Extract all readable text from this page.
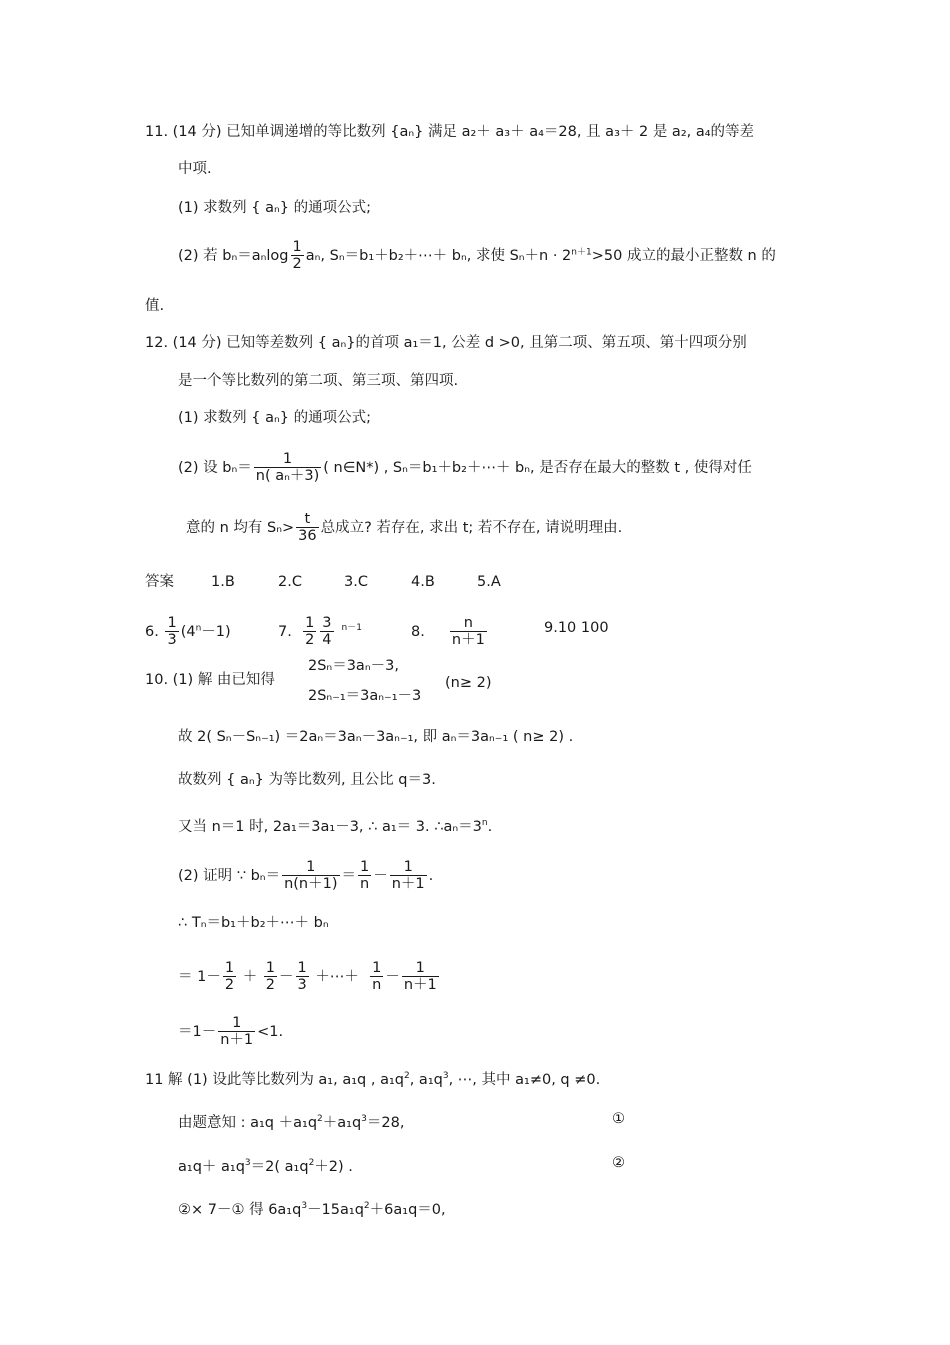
11. (14 分) 已知单调递增的等比数列 {aₙ} 满足 a₂＋ a₃＋ a₄＝28, 且 a₃＋ 2 是 a₂, a₄的等差
中项.
(1) 求数列 { aₙ} 的通项公式;
(2) 若 $b_n=a_n\log \frac{1}{2} a_n$, Sₙ＝b₁＋b₂＋⋯＋ bₙ, 求使 $S_n+n \cdot 2^{n+1}>50$ 成立的最小正整数 n 的
值.
12. (14 分) 已知等差数列 { aₙ}的首项 a₁＝1, 公差 d >0, 且第二项、第五项、第十四项分别
是一个等比数列的第二项、第三项、第四项.
(1) 求数列 { aₙ} 的通项公式;
(2) 设 $b_n= \frac{1}{\text{n( aₙ＋3)}}$ ( n∈N*) , Sₙ＝b₁＋b₂＋⋯＋ bₙ, 是否存在最大的整数 t , 使得对任
意的 n 均有 $S_n> \frac{t}{36}$ 总成立? 若存在, 求出 t; 若不存在, 请说明理由.
答案	1.B	2.C	3.C	4.B	5.A
6. $\frac{1}{3} (4^n-1)$	7. $\frac{1}{2} \frac{3}{4} ^{n-1}$	8. $\frac{n}{n+1}$	9.10 100
10. (1) 解 由已知得
2Sₙ＝3aₙ－3,
2Sₙ₋₁＝3aₙ₋₁－3
(n≥ 2)
故 2( Sₙ－Sₙ₋₁) ＝2aₙ＝3aₙ－3aₙ₋₁, 即 aₙ＝3aₙ₋₁ ( n≥ 2) .
故数列 { aₙ} 为等比数列, 且公比 q＝3.
又当 n＝1 时, 2a₁＝3a₁－3, ∴ a₁＝ 3. $\therefore a_n=3^n$.
(2) 证明 ∵ $b_n= \frac{1}{n(n+1)} = \frac{1}{n} - \frac{1}{n+1}$ .
∴ Tₙ＝b₁＋b₂＋⋯＋ bₙ
＝ $1- \frac{1}{2} + \frac{1}{2} - \frac{1}{3}$ ＋⋯＋ $\frac{1}{n} - \frac{1}{n+1}$
$=1- \frac{1}{n+1} <1$.
11 解 (1) 设此等比数列为 a₁, a₁q , $a_1q^2$, $a_1q^3$, ⋯, 其中 a₁≠0, q ≠0.
由题意知 : $a_1q +a_1q^2+a_1q^3=28$,	①
$a_1q+ a_1q^3=2$( $a_1q^2+2$) .	②
②× 7－① 得 $6a_1q^3-15a_1q^2+6a_1q=0$,
